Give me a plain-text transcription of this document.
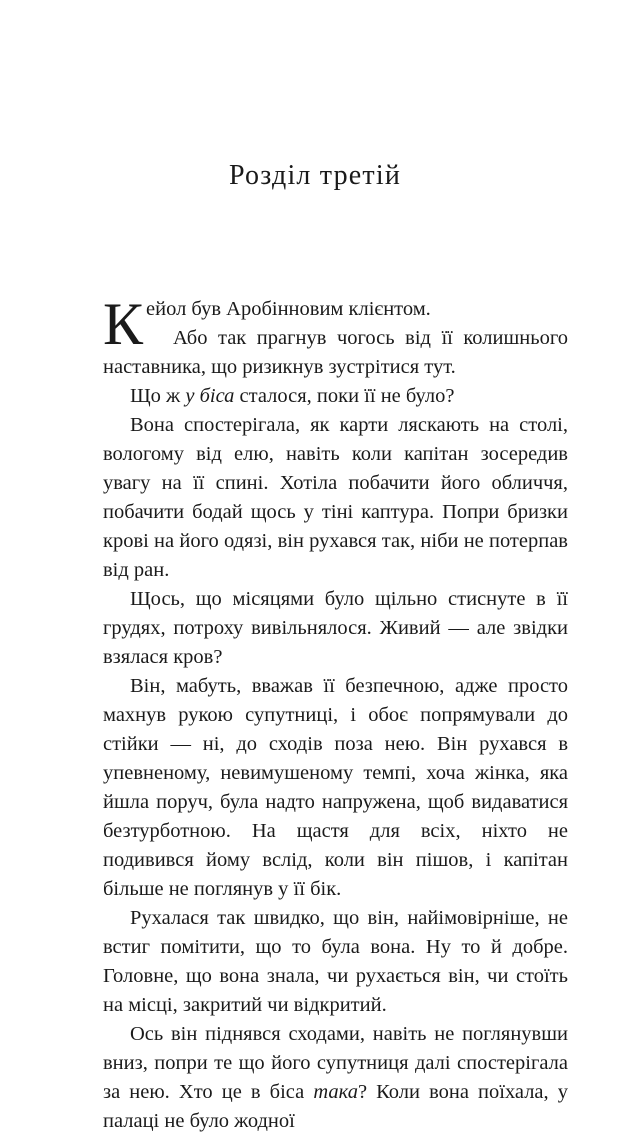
Розділ третій

Кейол був Аробінновим клієнтом.

Або так прагнув чогось від її колишнього наставника, що ризикнув зустрітися тут.

Що ж у біса сталося, поки її не було?

Вона спостерігала, як карти ляскають на столі, вологому від елю, навіть коли капітан зосередив увагу на її спині. Хотіла побачити його обличчя, побачити бодай щось у тіні каптура. Попри бризки крові на його одязі, він рухався так, ніби не потерпав від ран.

Щось, що місяцями було щільно стиснуте в її грудях, потроху вивільнялося. Живий — але звідки взялася кров?

Він, мабуть, вважав її безпечною, адже просто махнув рукою супутниці, і обоє попрямували до стійки — ні, до сходів поза нею. Він рухався в упевненому, невимушеному темпі, хоча жінка, яка йшла поруч, була надто напружена, щоб видаватися безтурботною. На щастя для всіх, ніхто не подивився йому вслід, коли він пішов, і капітан більше не поглянув у її бік.

Рухалася так швидко, що він, найімовірніше, не встиг помітити, що то була вона. Ну то й добре. Головне, що вона знала, чи рухається він, чи стоїть на місці, закритий чи відкритий.

Ось він піднявся сходами, навіть не поглянувши вниз, попри те що його супутниця далі спостерігала за нею. Хто це в біса така? Коли вона поїхала, у палаці не було жодної
